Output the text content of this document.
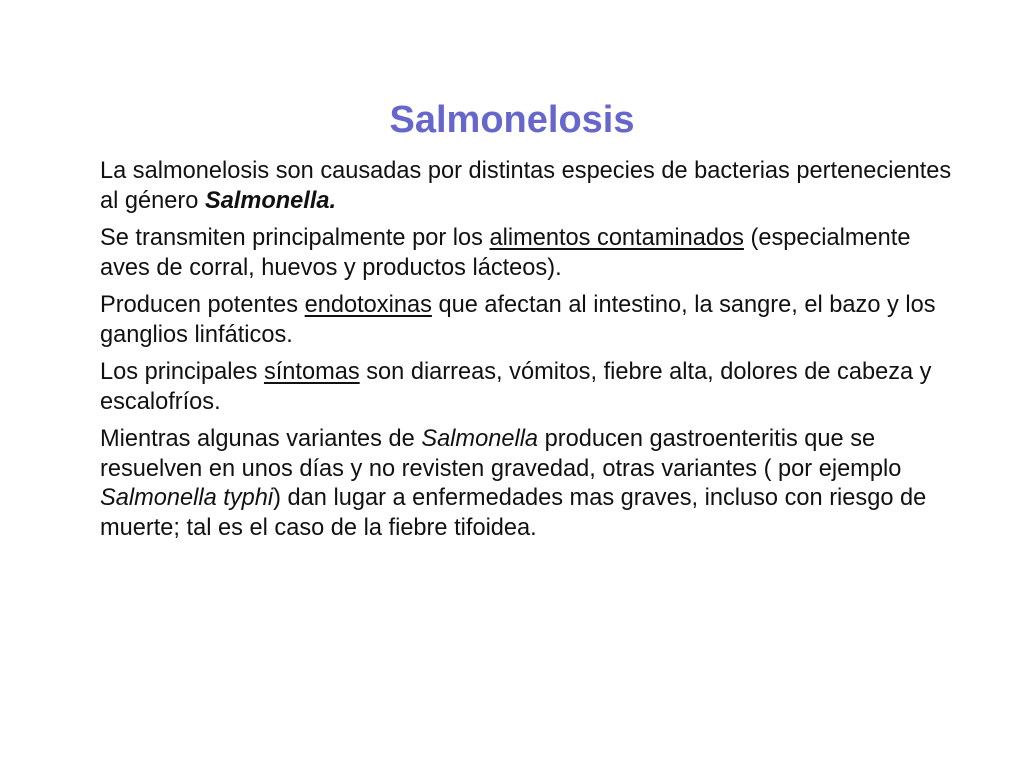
Salmonelosis

La salmonelosis son causadas por distintas especies de bacterias pertenecientes al género Salmonella.

Se transmiten principalmente por los alimentos contaminados (especialmente aves de corral, huevos y productos lácteos).

Producen potentes endotoxinas que afectan al intestino, la sangre, el bazo y los ganglios linfáticos.

Los principales síntomas son diarreas, vómitos, fiebre alta, dolores de cabeza y escalofríos.

Mientras algunas variantes de Salmonella producen gastroenteritis que se resuelven en unos días y no revisten gravedad, otras variantes ( por ejemplo Salmonella typhi) dan lugar a enfermedades mas graves, incluso con riesgo de muerte; tal es el caso de la fiebre tifoidea.
